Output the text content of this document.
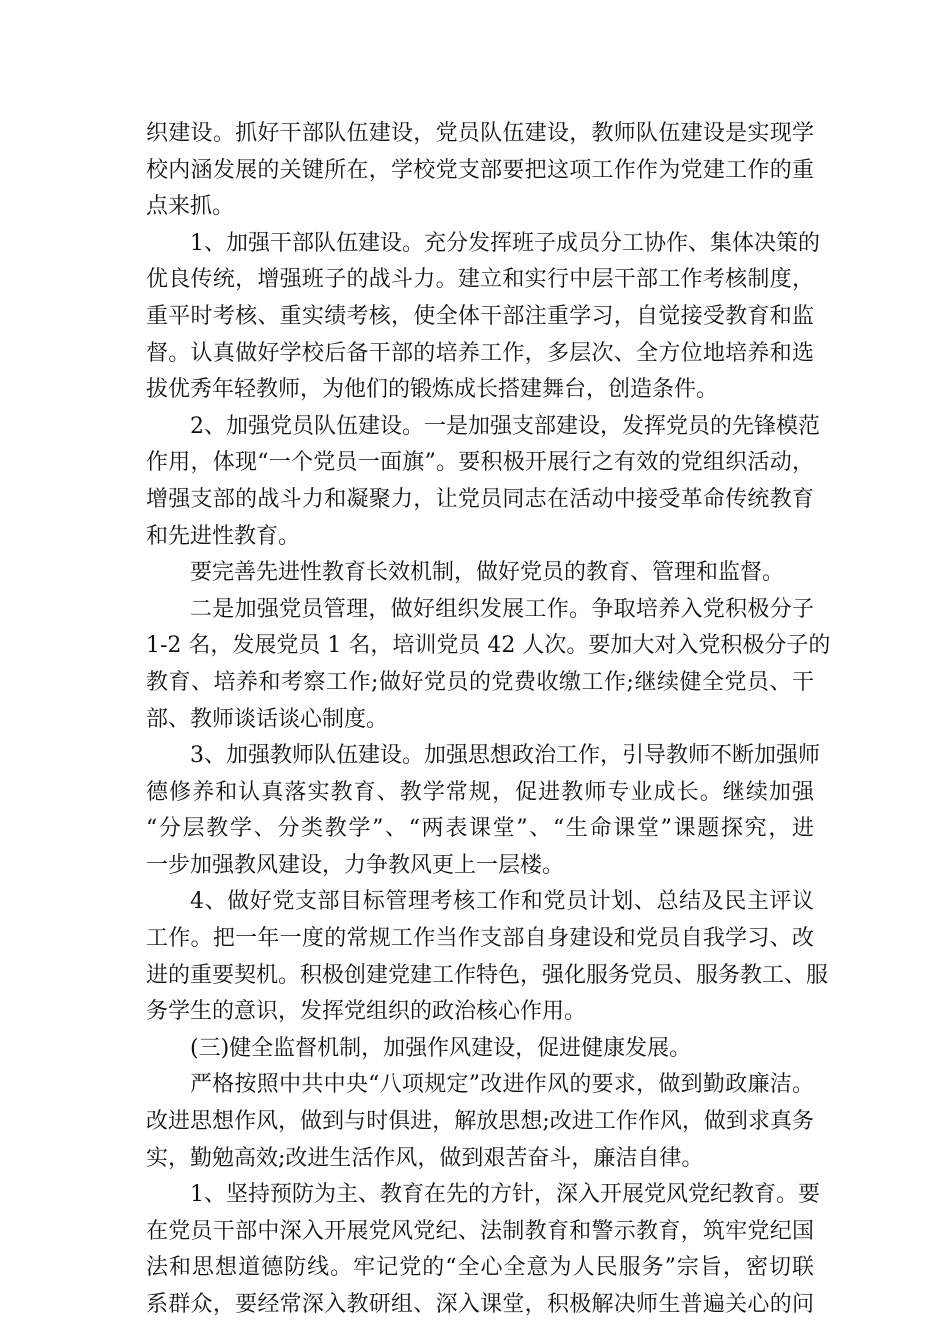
织建设。抓好干部队伍建设，党员队伍建设，教师队伍建设是实现学
校内涵发展的关键所在，学校党支部要把这项工作作为党建工作的重
点来抓。
1、加强干部队伍建设。充分发挥班子成员分工协作、集体决策的
优良传统，增强班子的战斗力。建立和实行中层干部工作考核制度，
重平时考核、重实绩考核，使全体干部注重学习，自觉接受教育和监
督。认真做好学校后备干部的培养工作，多层次、全方位地培养和选
拔优秀年轻教师，为他们的锻炼成长搭建舞台，创造条件。
2、加强党员队伍建设。一是加强支部建设，发挥党员的先锋模范
作用，体现“一个党员一面旗”。要积极开展行之有效的党组织活动，
增强支部的战斗力和凝聚力，让党员同志在活动中接受革命传统教育
和先进性教育。
要完善先进性教育长效机制，做好党员的教育、管理和监督。
二是加强党员管理，做好组织发展工作。争取培养入党积极分子
1-2 名，发展党员 1 名，培训党员 42 人次。要加大对入党积极分子的
教育、培养和考察工作;做好党员的党费收缴工作;继续健全党员、干
部、教师谈话谈心制度。
3、加强教师队伍建设。加强思想政治工作，引导教师不断加强师
德修养和认真落实教育、教学常规，促进教师专业成长。继续加强
“分层教学、分类教学”、“两表课堂”、“生命课堂”课题探究，进
一步加强教风建设，力争教风更上一层楼。
4、做好党支部目标管理考核工作和党员计划、总结及民主评议
工作。把一年一度的常规工作当作支部自身建设和党员自我学习、改
进的重要契机。积极创建党建工作特色，强化服务党员、服务教工、服
务学生的意识，发挥党组织的政治核心作用。
(三)健全监督机制，加强作风建设，促进健康发展。
严格按照中共中央“八项规定”改进作风的要求，做到勤政廉洁。
改进思想作风，做到与时俱进，解放思想;改进工作作风，做到求真务
实，勤勉高效;改进生活作风，做到艰苦奋斗，廉洁自律。
1、坚持预防为主、教育在先的方针，深入开展党风党纪教育。要
在党员干部中深入开展党风党纪、法制教育和警示教育，筑牢党纪国
法和思想道德防线。牢记党的“全心全意为人民服务”宗旨，密切联
系群众，要经常深入教研组、深入课堂，积极解决师生普遍关心的问
